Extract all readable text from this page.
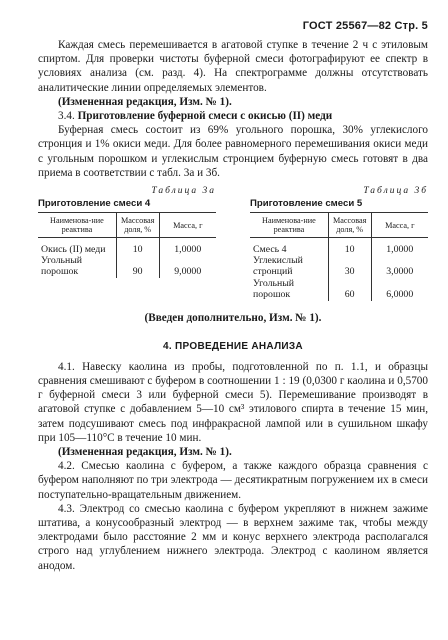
ГОСТ 25567—82 Стр. 5

Каждая смесь перемешивается в агатовой ступке в течение 2 ч с этиловым спиртом. Для проверки чистоты буферной смеси фотографируют ее спектр в условиях анализа (см. разд. 4). На спектрограмме должны отсутствовать аналитические линии определяемых элементов.

(Измененная редакция, Изм. № 1).

3.4. Приготовление буферной смеси с окисью (II) меди

Буферная смесь состоит из 69% угольного порошка, 30% углекислого стронция и 1% окиси меди. Для более равномерного перемешивания окиси меди с угольным порошком и углекислым стронцием буферную смесь готовят в два приема в соответствии с табл. 3а и 3б.

Таблица 3а
Приготовление смеси 4
Наименова-ние реактива	Массовая доля, %	Масса, г

Окись (II) меди	10	1,0000
Угольный порошок	90	9,0000
Таблица 3б
Приготовление смеси 5
Наименова-ние реактива	Массовая доля, %	Масса, г

Смесь 4	10	1,0000
Углекислый стронций	30	3,0000
Угольный порошок	60	6,0000

(Введен дополнительно, Изм. № 1).

4. ПРОВЕДЕНИЕ АНАЛИЗА

4.1. Навеску каолина из пробы, подготовленной по п. 1.1, и образцы сравнения смешивают с буфером в соотношении 1 : 19 (0,0300 г каолина и 0,5700 г буферной смеси 3 или буферной смеси 5). Перемешивание производят в агатовой ступке с добавлением 5—10 см³ этилового спирта в течение 15 мин, затем подсушивают смесь под инфракрасной лампой или в сушильном шкафу при 105—110°С в течение 10 мин.

(Измененная редакция, Изм. № 1).

4.2. Смесью каолина с буфером, а также каждого образца сравнения с буфером наполняют по три электрода — десятикратным погружением их в смеси поступательно-вращательным движением.

4.3. Электрод со смесью каолина с буфером укрепляют в нижнем зажиме штатива, а конусообразный электрод — в верхнем зажиме так, чтобы между электродами было расстояние 2 мм и конус верхнего электрода располагался строго над углублением нижнего электрода. Электрод с каолином является анодом.
